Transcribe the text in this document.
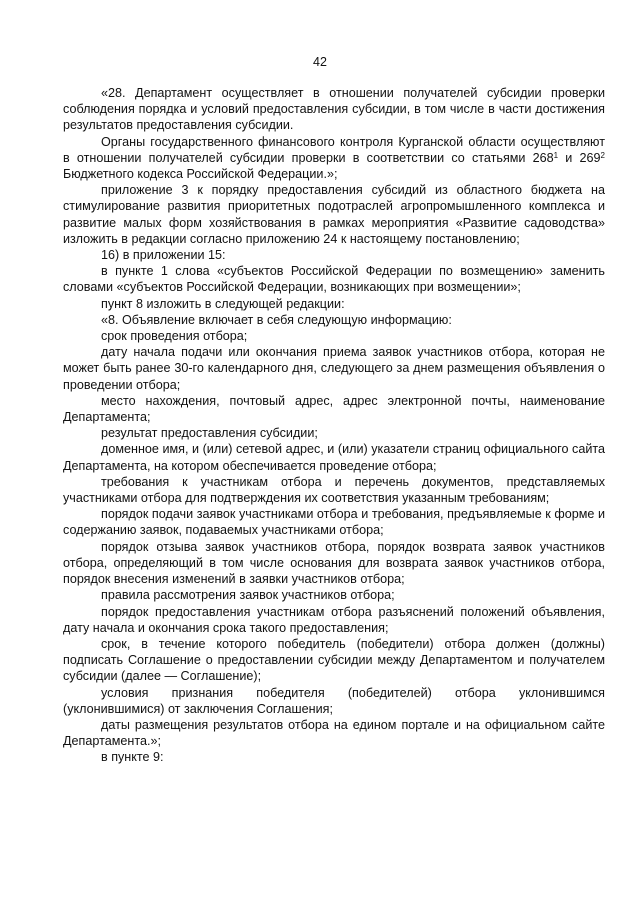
42

«28. Департамент осуществляет в отношении получателей субсидии проверки соблюдения порядка и условий предоставления субсидии, в том числе в части достижения результатов предоставления субсидии.

Органы государственного финансового контроля Курганской области осуществляют в отношении получателей субсидии проверки в соответствии со статьями $268^1$ и $269^2$ Бюджетного кодекса Российской Федерации.»;

приложение 3 к порядку предоставления субсидий из областного бюджета на стимулирование развития приоритетных подотраслей агропромышленного комплекса и развитие малых форм хозяйствования в рамках мероприятия «Развитие садоводства» изложить в редакции согласно приложению 24 к настоящему постановлению;

16) в приложении 15:

в пункте 1 слова «субъектов Российской Федерации по возмещению» заменить словами «субъектов Российской Федерации, возникающих при возмещении»;

пункт 8 изложить в следующей редакции:

«8. Объявление включает в себя следующую информацию:

срок проведения отбора;

дату начала подачи или окончания приема заявок участников отбора, которая не может быть ранее 30-го календарного дня, следующего за днем размещения объявления о проведении отбора;

место нахождения, почтовый адрес, адрес электронной почты, наименование Департамента;

результат предоставления субсидии;

доменное имя, и (или) сетевой адрес, и (или) указатели страниц официального сайта Департамента, на котором обеспечивается проведение отбора;

требования к участникам отбора и перечень документов, представляемых участниками отбора для подтверждения их соответствия указанным требованиям;

порядок подачи заявок участниками отбора и требования, предъявляемые к форме и содержанию заявок, подаваемых участниками отбора;

порядок отзыва заявок участников отбора, порядок возврата заявок участников отбора, определяющий в том числе основания для возврата заявок участников отбора, порядок внесения изменений в заявки участников отбора;

правила рассмотрения заявок участников отбора;

порядок предоставления участникам отбора разъяснений положений объявления, дату начала и окончания срока такого предоставления;

срок, в течение которого победитель (победители) отбора должен (должны) подписать Соглашение о предоставлении субсидии между Департаментом и получателем субсидии (далее — Соглашение);

условия признания победителя (победителей) отбора уклонившимся (уклонившимися) от заключения Соглашения;

даты размещения результатов отбора на едином портале и на официальном сайте Департамента.»;

в пункте 9:
